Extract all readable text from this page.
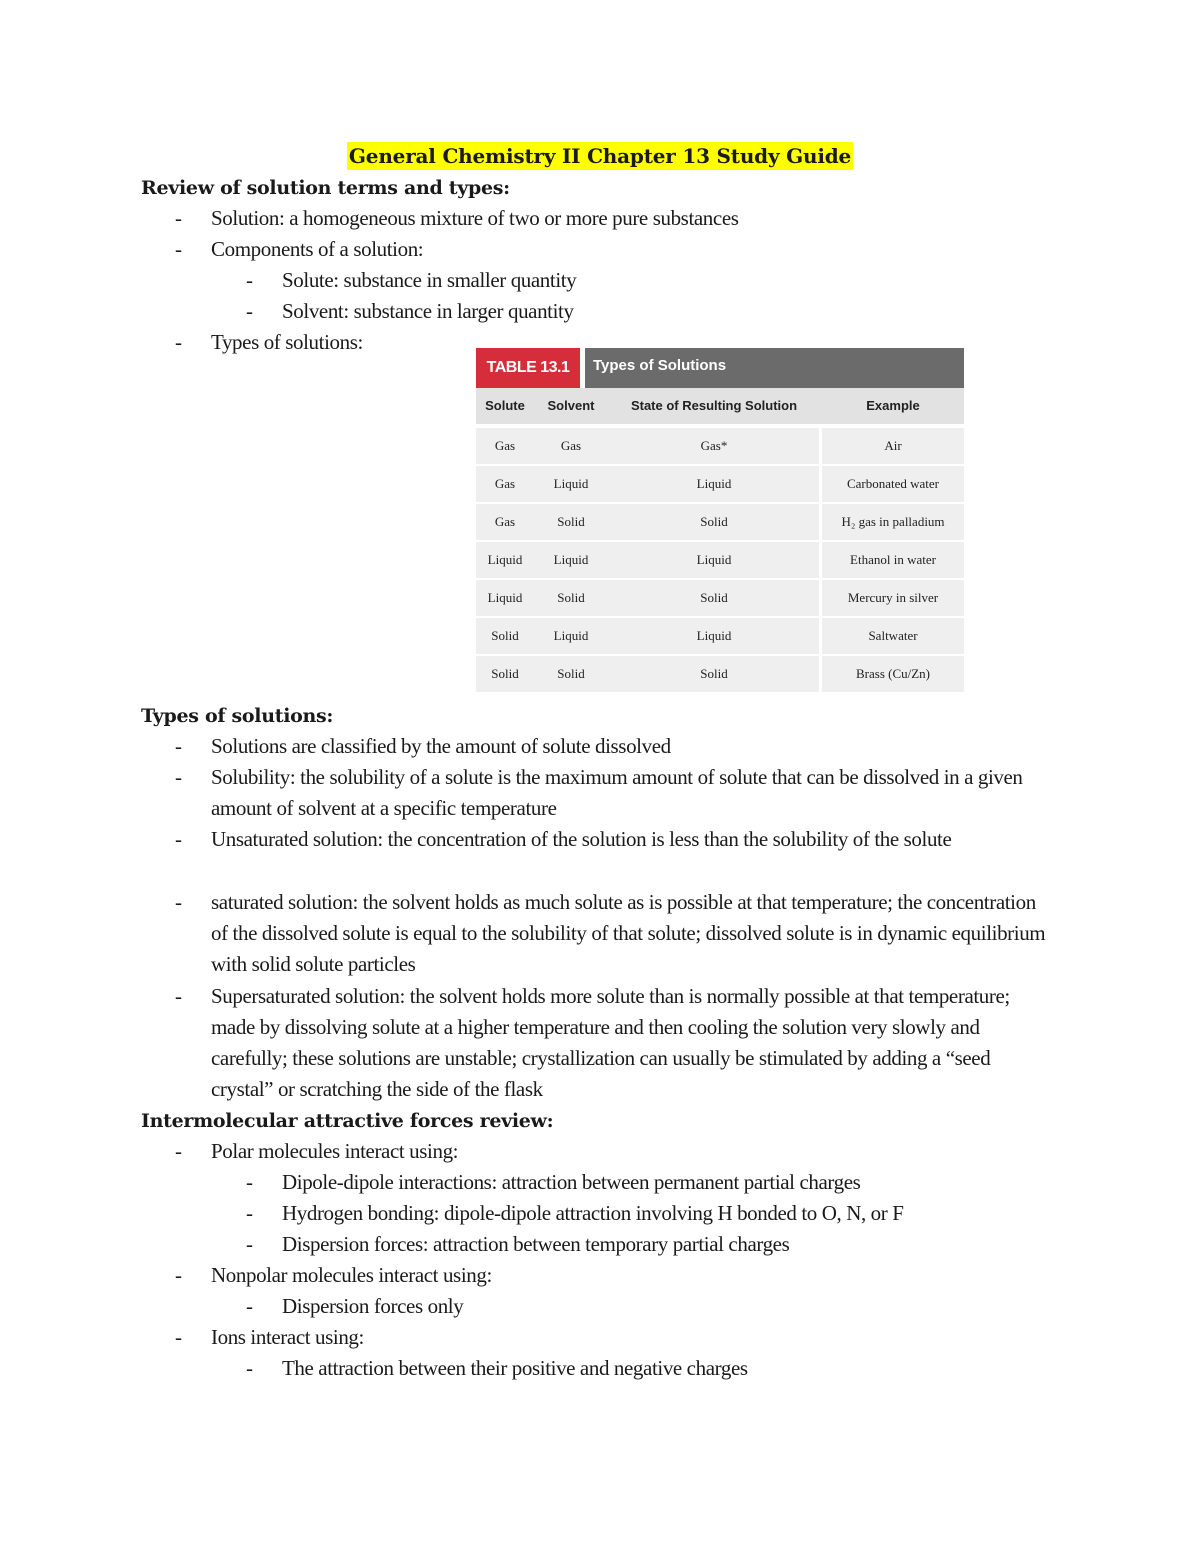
General Chemistry II Chapter 13 Study Guide
Review of solution terms and types:
- Solution: a homogeneous mixture of two or more pure substances
- Components of a solution:
- Solute: substance in smaller quantity
- Solvent: substance in larger quantity
- Types of solutions:
TABLE 13.1	Types of Solutions
Solute	Solvent	State of Resulting Solution	Example
Gas	Gas	Gas*	Air
Gas	Liquid	Liquid	Carbonated water
Gas	Solid	Solid	H₂ gas in palladium
Liquid	Liquid	Liquid	Ethanol in water
Liquid	Solid	Solid	Mercury in silver
Solid	Liquid	Liquid	Saltwater
Solid	Solid	Solid	Brass (Cu/Zn)
Types of solutions:
- Solutions are classified by the amount of solute dissolved
- Solubility: the solubility of a solute is the maximum amount of solute that can be dissolved in a given amount of solvent at a specific temperature
- Unsaturated solution: the concentration of the solution is less than the solubility of the solute
- saturated solution: the solvent holds as much solute as is possible at that temperature; the concentration of the dissolved solute is equal to the solubility of that solute; dissolved solute is in dynamic equilibrium with solid solute particles
- Supersaturated solution: the solvent holds more solute than is normally possible at that temperature; made by dissolving solute at a higher temperature and then cooling the solution very slowly and carefully; these solutions are unstable; crystallization can usually be stimulated by adding a “seed crystal” or scratching the side of the flask
Intermolecular attractive forces review:
- Polar molecules interact using:
- Dipole-dipole interactions: attraction between permanent partial charges
- Hydrogen bonding: dipole-dipole attraction involving H bonded to O, N, or F
- Dispersion forces: attraction between temporary partial charges
- Nonpolar molecules interact using:
- Dispersion forces only
- Ions interact using:
- The attraction between their positive and negative charges
